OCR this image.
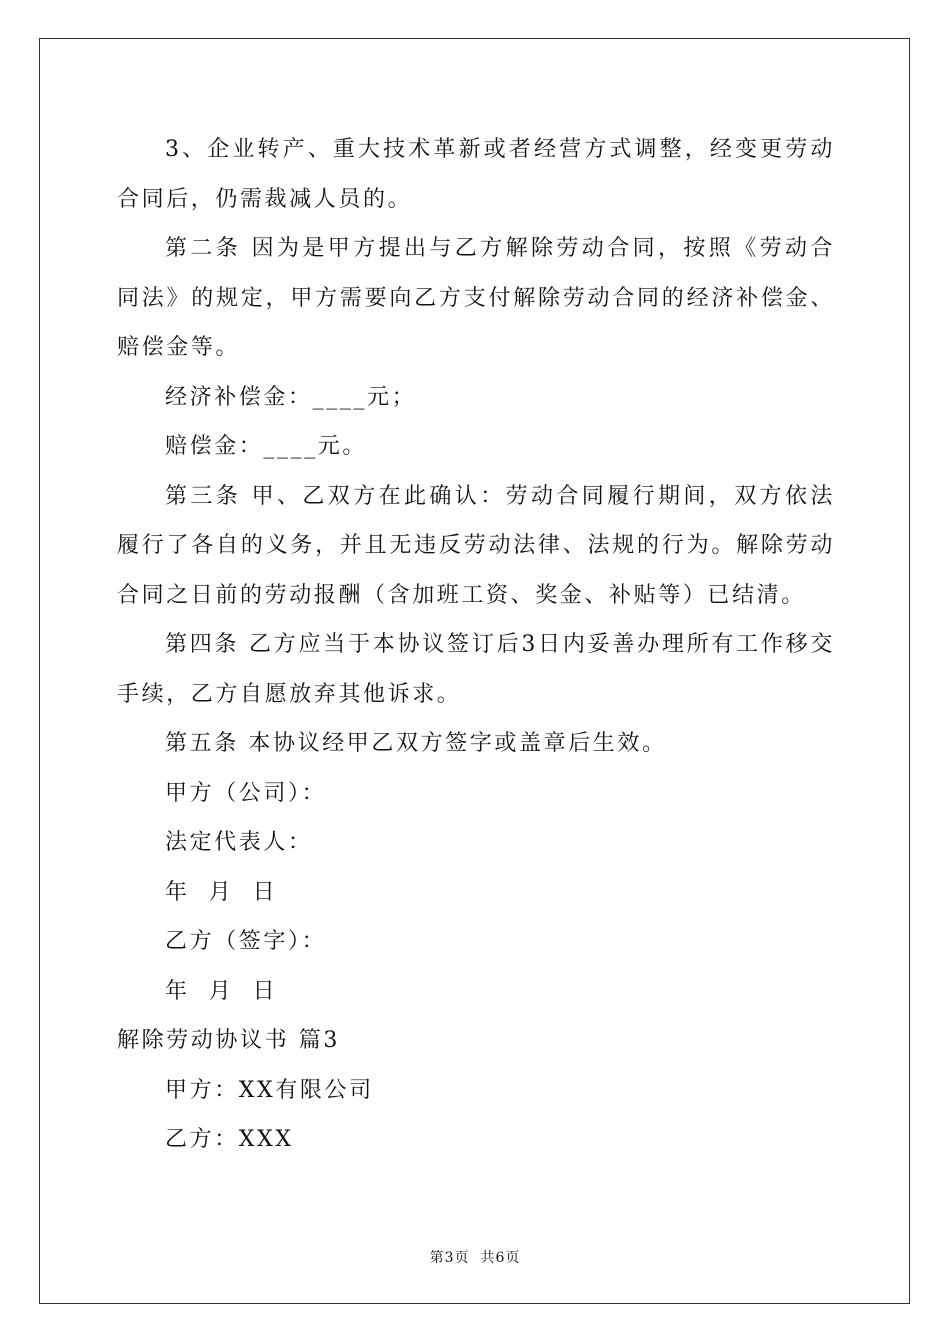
3、企业转产、重大技术革新或者经营方式调整，经变更劳动合同后，仍需裁减人员的。

第二条 因为是甲方提出与乙方解除劳动合同，按照《劳动合同法》的规定，甲方需要向乙方支付解除劳动合同的经济补偿金、赔偿金等。

经济补偿金：____元；

赔偿金：____元。

第三条 甲、乙双方在此确认：劳动合同履行期间，双方依法履行了各自的义务，并且无违反劳动法律、法规的行为。解除劳动合同之日前的劳动报酬（含加班工资、奖金、补贴等）已结清。

第四条 乙方应当于本协议签订后3日内妥善办理所有工作移交手续，乙方自愿放弃其他诉求。

第五条 本协议经甲乙双方签字或盖章后生效。

甲方（公司）：

法定代表人：

年  月  日

乙方（签字）：

年  月  日

解除劳动协议书 篇3

甲方：XX有限公司

乙方：XXX

第3页  共6页
